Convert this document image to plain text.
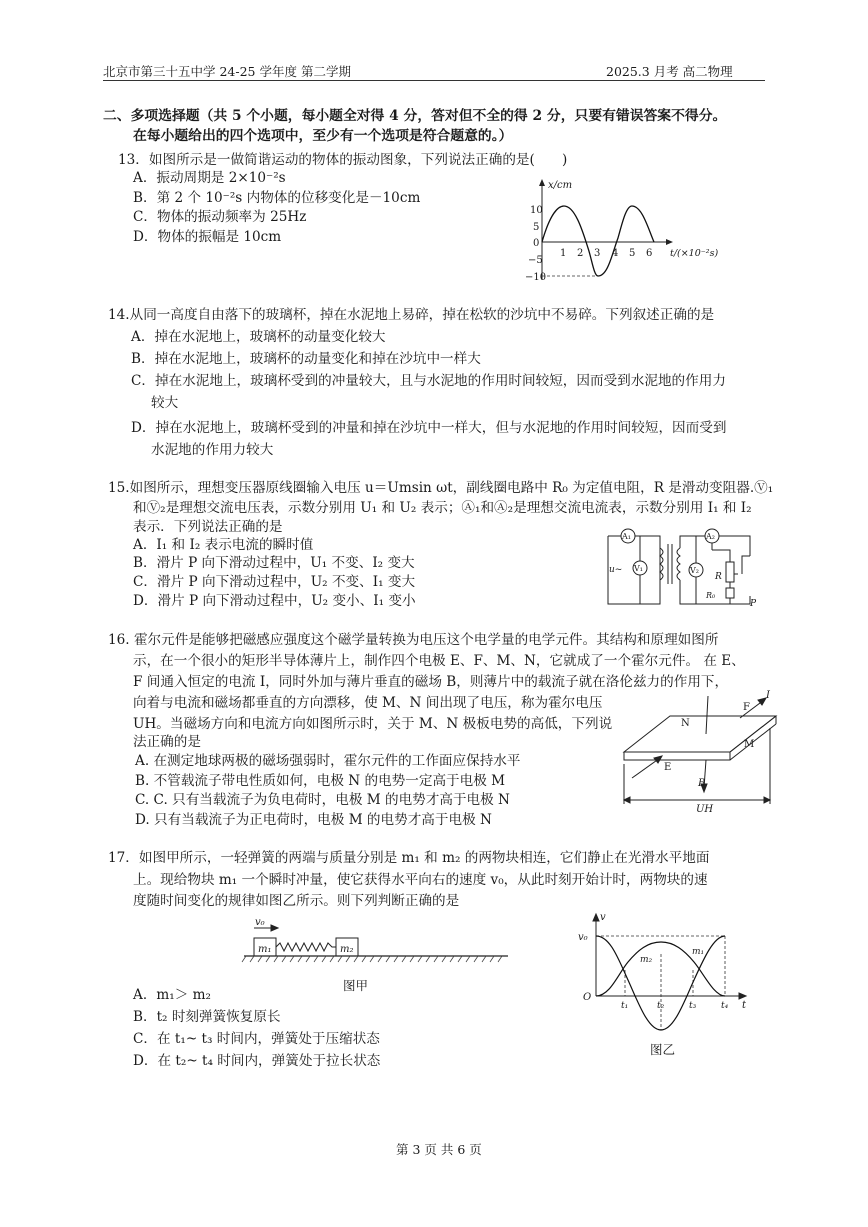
北京市第三十五中学 24-25 学年度 第二学期	2025.3 月考 高二物理
二、多项选择题（共 5 个小题，每小题全对得 4 分，答对但不全的得 2 分，只要有错误答案不得分。
在每小题给出的四个选项中，至少有一个选项是符合题意的。）
13．如图所示是一做简谐运动的物体的振动图象，下列说法正确的是(　　)
A．振动周期是 2×10⁻²s
B．第 2 个 10⁻²s 内物体的位移变化是－10cm
C．物体的振动频率为 25Hz
D．物体的振幅是 10cm
x/cm
t/(×10⁻²s)
10
5
0
−5
−10
1 2 3 4 5 6
14.从同一高度自由落下的玻璃杯，掉在水泥地上易碎，掉在松软的沙坑中不易碎。下列叙述正确的是
A．掉在水泥地上，玻璃杯的动量变化较大
B．掉在水泥地上，玻璃杯的动量变化和掉在沙坑中一样大
C．掉在水泥地上，玻璃杯受到的冲量较大，且与水泥地的作用时间较短，因而受到水泥地的作用力
较大
D．掉在水泥地上，玻璃杯受到的冲量和掉在沙坑中一样大，但与水泥地的作用时间较短，因而受到
水泥地的作用力较大
15.如图所示，理想变压器原线圈输入电压 u＝Umsin ωt，副线圈电路中 R₀ 为定值电阻，R 是滑动变阻器.Ⓥ₁
和Ⓥ₂是理想交流电压表，示数分别用 U₁ 和 U₂ 表示；Ⓐ₁和Ⓐ₂是理想交流电流表，示数分别用 I₁ 和 I₂
表示．下列说法正确的是
A．I₁ 和 I₂ 表示电流的瞬时值
B．滑片 P 向下滑动过程中，U₁ 不变、I₂ 变大
C．滑片 P 向下滑动过程中，U₂ 不变、I₁ 变大
D．滑片 P 向下滑动过程中，U₂ 变小、I₁ 变小
A₁
V₁
A₂
V₂
u~
R
R₀
P
16. 霍尔元件是能够把磁感应强度这个磁学量转换为电压这个电学量的电学元件。其结构和原理如图所
示，在一个很小的矩形半导体薄片上，制作四个电极 E、F、M、N，它就成了一个霍尔元件。 在 E、
F 间通入恒定的电流 I，同时外加与薄片垂直的磁场 B，则薄片中的载流子就在洛伦兹力的作用下，
向着与电流和磁场都垂直的方向漂移，使 M、N 间出现了电压，称为霍尔电压
UH。当磁场方向和电流方向如图所示时，关于 M、N 极板电势的高低，下列说
法正确的是
A. 在测定地球两极的磁场强弱时，霍尔元件的工作面应保持水平
B. 不管载流子带电性质如何，电极 N 的电势一定高于电极 M
C. C. 只有当载流子为负电荷时，电极 M 的电势才高于电极 N
D. 只有当载流子为正电荷时，电极 M 的电势才高于电极 N
I
F
N
M
E
B
UH
17．如图甲所示，一轻弹簧的两端与质量分别是 m₁ 和 m₂ 的两物块相连，它们静止在光滑水平地面
上。现给物块 m₁ 一个瞬时冲量，使它获得水平向右的速度 v₀，从此时刻开始计时，两物块的速
度随时间变化的规律如图乙所示。则下列判断正确的是
A．m₁＞ m₂
B．t₂ 时刻弹簧恢复原长
C．在 t₁~ t₃ 时间内，弹簧处于压缩状态
D．在 t₂~ t₄ 时间内，弹簧处于拉长状态
v₀
m₁	m₂
图甲
v
v₀
O
m₂
m₁
t₁	t₂	t₃	t₄ t
图乙
第 3 页 共 6 页
